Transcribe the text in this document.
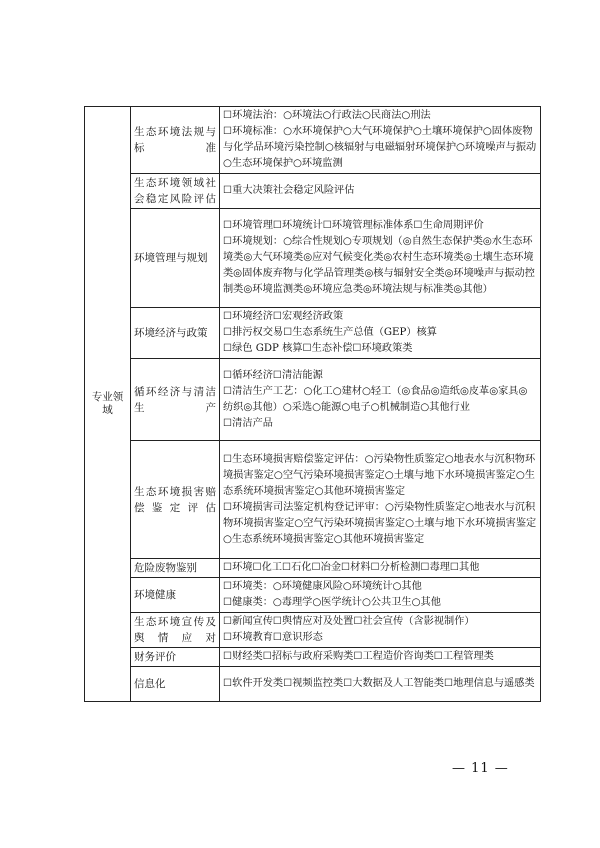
专业领域	生态环境法规与标准	☐环境法治：○环境法○行政法○民商法○刑法
☐环境标准：○水环境保护○大气环境保护○土壤环境保护○固体废物与化学品环境污染控制○核辐射与电磁辐射环境保护○环境噪声与振动○生态环境保护○环境监测

	生态环境领域社会稳定风险评估	☐重大决策社会稳定风险评估

	环境管理与规划	☐环境管理☐环境统计☐环境管理标准体系☐生命周期评价
☐环境规划：○综合性规划○专项规划（◎自然生态保护类◎水生态环境类◎大气环境类◎应对气候变化类◎农村生态环境类◎土壤生态环境类◎固体废弃物与化学品管理类◎核与辐射安全类◎环境噪声与振动控制类◎环境监测类◎环境应急类◎环境法规与标准类◎其他）

	环境经济与政策	☐环境经济☐宏观经济政策
☐排污权交易☐生态系统生产总值（GEP）核算
☐绿色 GDP 核算☐生态补偿☐环境政策类

	循环经济与清洁生产	☐循环经济☐清洁能源
☐清洁生产工艺：○化工○建材○轻工（◎食品◎造纸◎皮革◎家具◎纺织◎其他）○采选○能源○电子○机械制造○其他行业
☐清洁产品

	生态环境损害赔偿鉴定评估	☐生态环境损害赔偿鉴定评估：○污染物性质鉴定○地表水与沉积物环境损害鉴定○空气污染环境损害鉴定○土壤与地下水环境损害鉴定○生态系统环境损害鉴定○其他环境损害鉴定
☐环境损害司法鉴定机构登记评审：○污染物性质鉴定○地表水与沉积物环境损害鉴定○空气污染环境损害鉴定○土壤与地下水环境损害鉴定○生态系统环境损害鉴定○其他环境损害鉴定

	危险废物鉴别	☐环境☐化工☐石化☐冶金☐材料☐分析检测☐毒理☐其他

	环境健康	☐环境类：○环境健康风险○环境统计○其他
☐健康类：○毒理学○医学统计○公共卫生○其他

	生态环境宣传及舆情应对	☐新闻宣传☐舆情应对及处置☐社会宣传（含影视制作）
☐环境教育☐意识形态

	财务评价	☐财经类☐招标与政府采购类☐工程造价咨询类☐工程管理类

	信息化	☐软件开发类☐视频监控类☐大数据及人工智能类☐地理信息与遥感类
— 11 —
